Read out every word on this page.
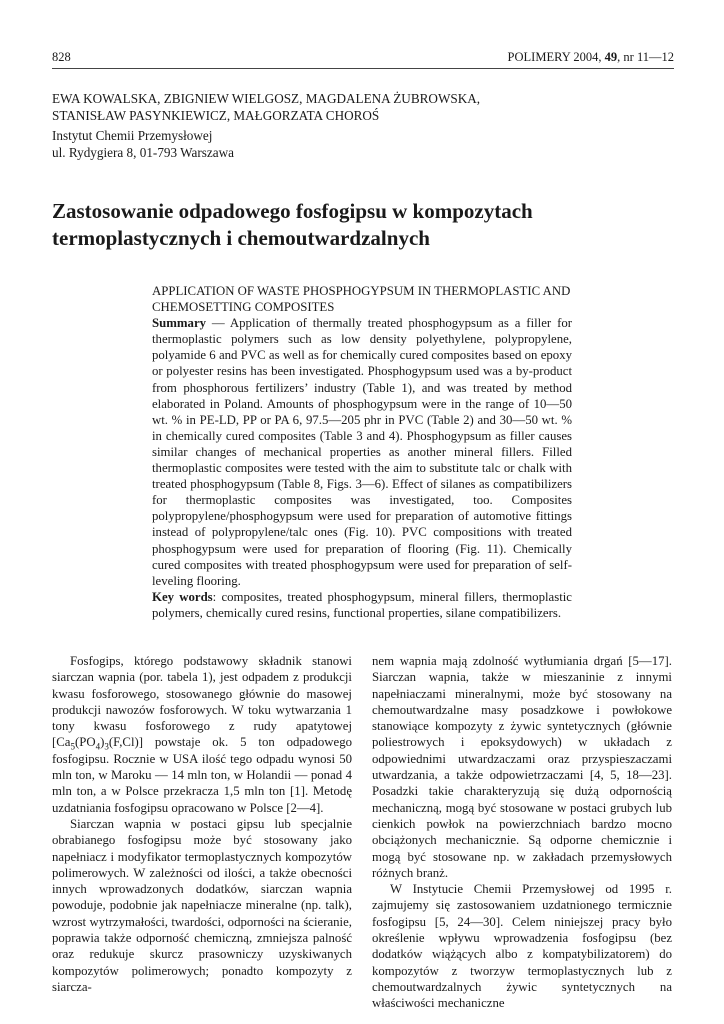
828	POLIMERY 2004, 49, nr 11—12
EWA KOWALSKA, ZBIGNIEW WIELGOSZ, MAGDALENA ŻUBROWSKA,
STANISŁAW PASYNKIEWICZ, MAŁGORZATA CHOROŚ
Instytut Chemii Przemysłowej
ul. Rydygiera 8, 01-793 Warszawa
Zastosowanie odpadowego fosfogipsu w kompozytach termoplastycznych i chemoutwardzalnych

APPLICATION OF WASTE PHOSPHOGYPSUM IN THERMOPLASTIC AND CHEMOSETTING COMPOSITES

Summary — Application of thermally treated phosphogypsum as a filler for thermoplastic polymers such as low density polyethylene, polypropylene, polyamide 6 and PVC as well as for chemically cured composites based on epoxy or polyester resins has been investigated. Phosphogypsum used was a by-product from phosphorous fertilizers’ industry (Table 1), and was treated by method elaborated in Poland. Amounts of phosphogypsum were in the range of 10—50 wt. % in PE-LD, PP or PA 6, 97.5—205 phr in PVC (Table 2) and 30—50 wt. % in chemically cured composites (Table 3 and 4). Phosphogypsum as filler causes similar changes of mechanical properties as another mineral fillers. Filled thermoplastic composites were tested with the aim to substitute talc or chalk with treated phosphogypsum (Table 8, Figs. 3—6). Effect of silanes as compatibilizers for thermoplastic composites was investigated, too. Composites polypropylene/phosphogypsum were used for preparation of automotive fittings instead of polypropylene/talc ones (Fig. 10). PVC compositions with treated phosphogypsum were used for preparation of flooring (Fig. 11). Chemically cured composites with treated phosphogypsum were used for preparation of self-leveling flooring.

Key words: composites, treated phosphogypsum, mineral fillers, thermoplastic polymers, chemically cured resins, functional properties, silane compatibilizers.

Fosfogips, którego podstawowy składnik stanowi siarczan wapnia (por. tabela 1), jest odpadem z produkcji kwasu fosforowego, stosowanego głównie do masowej produkcji nawozów fosforowych. W toku wytwarzania 1 tony kwasu fosforowego z rudy apatytowej $[Ca_5(PO_4)_3(F,Cl)]$ powstaje ok. 5 ton odpadowego fosfogipsu. Rocznie w USA ilość tego odpadu wynosi 50 mln ton, w Maroku — 14 mln ton, w Holandii — ponad 4 mln ton, a w Polsce przekracza 1,5 mln ton [1]. Metodę uzdatniania fosfogipsu opracowano w Polsce [2—4].

Siarczan wapnia w postaci gipsu lub specjalnie obrabianego fosfogipsu może być stosowany jako napełniacz i modyfikator termoplastycznych kompozytów polimerowych. W zależności od ilości, a także obecności innych wprowadzonych dodatków, siarczan wapnia powoduje, podobnie jak napełniacze mineralne (np. talk), wzrost wytrzymałości, twardości, odporności na ścieranie, poprawia także odporność chemiczną, zmniejsza palność oraz redukuje skurcz prasowniczy uzyskiwanych kompozytów polimerowych; ponadto kompozyty z siarcza-

nem wapnia mają zdolność wytłumiania drgań [5—17]. Siarczan wapnia, także w mieszaninie z innymi napełniaczami mineralnymi, może być stosowany na chemoutwardzalne masy posadzkowe i powłokowe stanowiące kompozyty z żywic syntetycznych (głównie poliestrowych i epoksydowych) w układach z odpowiednimi utwardzaczami oraz przyspieszaczami utwardzania, a także odpowietrzaczami [4, 5, 18—23]. Posadzki takie charakteryzują się dużą odpornością mechaniczną, mogą być stosowane w postaci grubych lub cienkich powłok na powierzchniach bardzo mocno obciążonych mechanicznie. Są odporne chemicznie i mogą być stosowane np. w zakładach przemysłowych różnych branż.

W Instytucie Chemii Przemysłowej od 1995 r. zajmujemy się zastosowaniem uzdatnionego termicznie fosfogipsu [5, 24—30]. Celem niniejszej pracy było określenie wpływu wprowadzenia fosfogipsu (bez dodatków wiążących albo z kompatybilizatorem) do kompozytów z tworzyw termoplastycznych lub z chemoutwardzalnych żywic syntetycznych na właściwości mechaniczne
